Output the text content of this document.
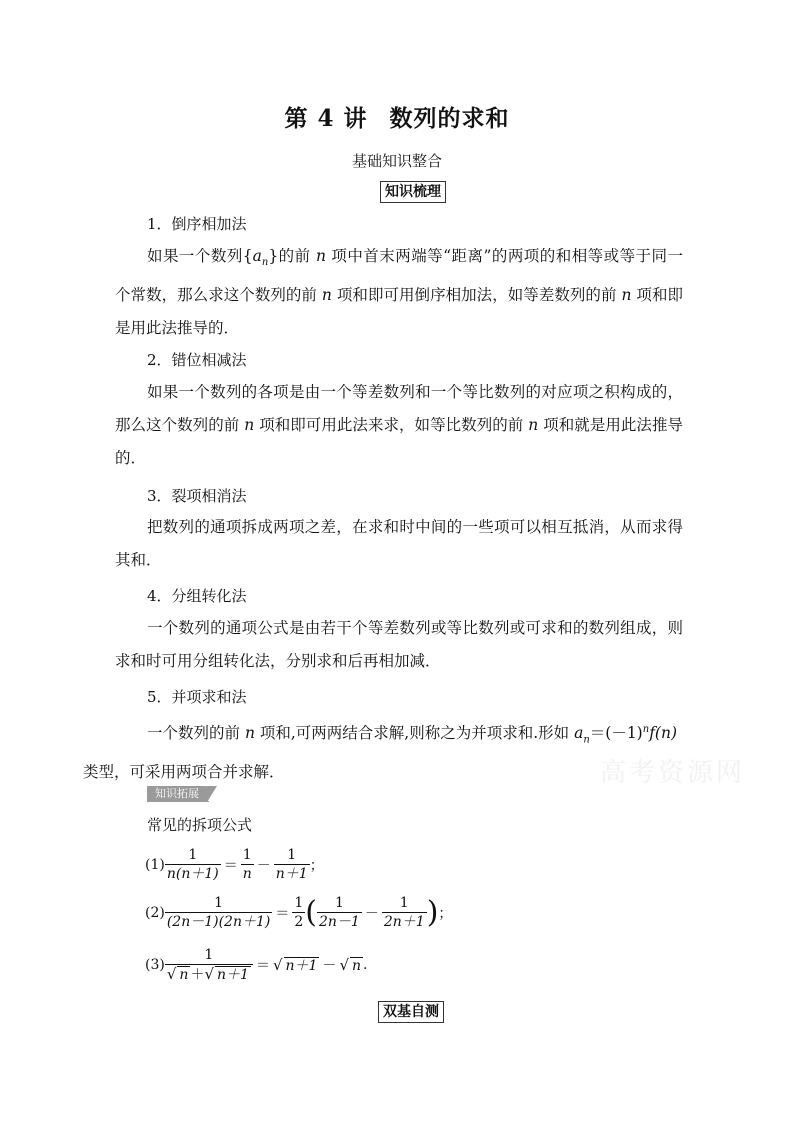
第 4 讲 数列的求和
基础知识整合
知识梳理
1．倒序相加法
如果一个数列$\{a_n\}$的前 n 项中首末两端等“距离”的两项的和相等或等于同一个常数，那么求这个数列的前 n 项和即可用倒序相加法，如等差数列的前 n 项和即是用此法推导的．
2．错位相减法
如果一个数列的各项是由一个等差数列和一个等比数列的对应项之积构成的，那么这个数列的前 n 项和即可用此法来求，如等比数列的前 n 项和就是用此法推导的．
3．裂项相消法
把数列的通项拆成两项之差，在求和时中间的一些项可以相互抵消，从而求得其和．
4．分组转化法
一个数列的通项公式是由若干个等差数列或等比数列或可求和的数列组成，则求和时可用分组转化法，分别求和后再相加减．
5．并项求和法
一个数列的前 n 项和,可两两结合求解,则称之为并项求和.形如 $a_n=(-1)^nf(n)$
类型，可采用两项合并求解．	高考资源网
知识拓展
常见的拆项公式
$(1) \frac{1}{n(n+1)} = \frac{1}{n} - \frac{1}{n+1}$ ；
$(2) \frac{1}{(2n-1)(2n+1)} = \frac{1}{2}$ ( $\frac{1}{2n-1} - \frac{1}{2n+1}$ ) ；
$(3) \frac{1}{√ n +√ n+1}$ ＝ √ n＋1 － √ n .
双基自测
